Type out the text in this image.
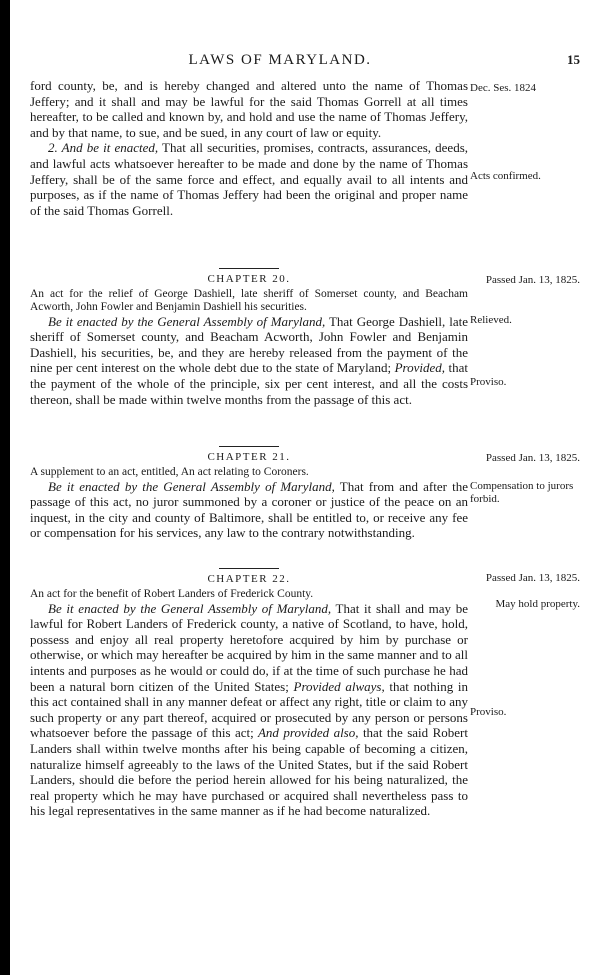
LAWS OF MARYLAND.	15

ford county, be, and is hereby changed and altered unto the name of Thomas Jeffery; and it shall and may be lawful for the said Thomas Gorrell at all times hereafter, to be called and known by, and hold and use the name of Thomas Jeffery, and by that name, to sue, and be sued, in any court of law or equity.

2. And be it enacted, That all securities, promises, contracts, assurances, deeds, and lawful acts whatsoever hereafter to be made and done by the name of Thomas Jeffery, shall be of the same force and effect, and equally avail to all intents and purposes, as if the name of Thomas Jeffery had been the original and proper name of the said Thomas Gorrell.

CHAPTER 20.

An act for the relief of George Dashiell, late sheriff of Somerset county, and Beacham Acworth, John Fowler and Benjamin Dashiell his securities.

Be it enacted by the General Assembly of Maryland, That George Dashiell, late sheriff of Somerset county, and Beacham Acworth, John Fowler and Benjamin Dashiell, his securities, be, and they are hereby released from the payment of the nine per cent interest on the whole debt due to the state of Maryland; Provided, that the payment of the whole of the principle, six per cent interest, and all the costs thereon, shall be made within twelve months from the passage of this act.

CHAPTER 21.

A supplement to an act, entitled, An act relating to Coroners.

Be it enacted by the General Assembly of Maryland, That from and after the passage of this act, no juror summoned by a coroner or justice of the peace on an inquest, in the city and county of Baltimore, shall be entitled to, or receive any fee or compensation for his services, any law to the contrary notwithstanding.

CHAPTER 22.

An act for the benefit of Robert Landers of Frederick County.

Be it enacted by the General Assembly of Maryland, That it shall and may be lawful for Robert Landers of Frederick county, a native of Scotland, to have, hold, possess and enjoy all real property heretofore acquired by him by purchase or otherwise, or which may hereafter be acquired by him in the same manner and to all intents and purposes as he would or could do, if at the time of such purchase he had been a natural born citizen of the United States; Provided always, that nothing in this act contained shall in any manner defeat or affect any right, title or claim to any such property or any part thereof, acquired or prosecuted by any person or persons whatsoever before the passage of this act; And provided also, that the said Robert Landers shall within twelve months after his being capable of becoming a citizen, naturalize himself agreeably to the laws of the United States, but if the said Robert Landers, should die before the period herein allowed for his being naturalized, the real property which he may have purchased or acquired shall nevertheless pass to his legal representatives in the same manner as if he had become naturalized.

Dec. Ses. 1824
Acts confirmed.
Passed Jan. 13, 1825.
Relieved.
Proviso.
Passed Jan. 13, 1825.
Compensation to jurors forbid.
Passed Jan. 13, 1825.
May hold property.
Proviso.
